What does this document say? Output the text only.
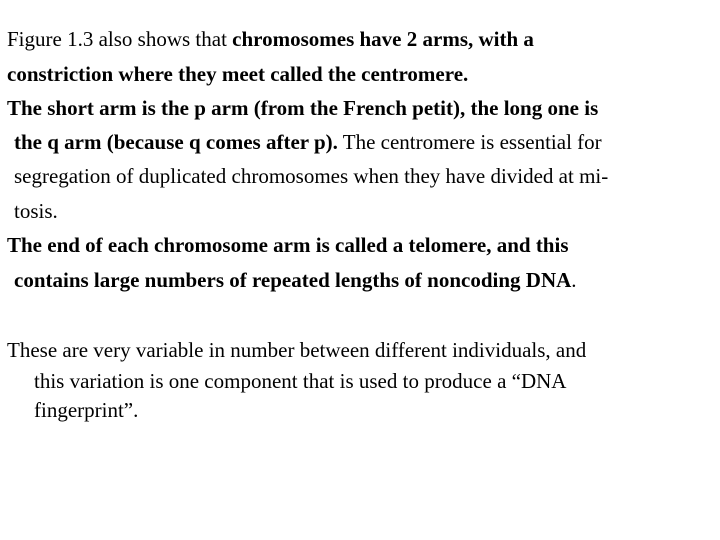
Figure 1.3 also shows that chromosomes have 2 arms, with a
constriction where they meet called the centromere.
The short arm is the p arm (from the French petit), the long one is
the q arm (because q comes after p). The centromere is essential for
segregation of duplicated chromosomes when they have divided at mi-
tosis.
The end of each chromosome arm is called a telomere, and this
contains large numbers of repeated lengths of noncoding DNA.
These are very variable in number between different individuals, and
this variation is one component that is used to produce a “DNA
fingerprint”.
